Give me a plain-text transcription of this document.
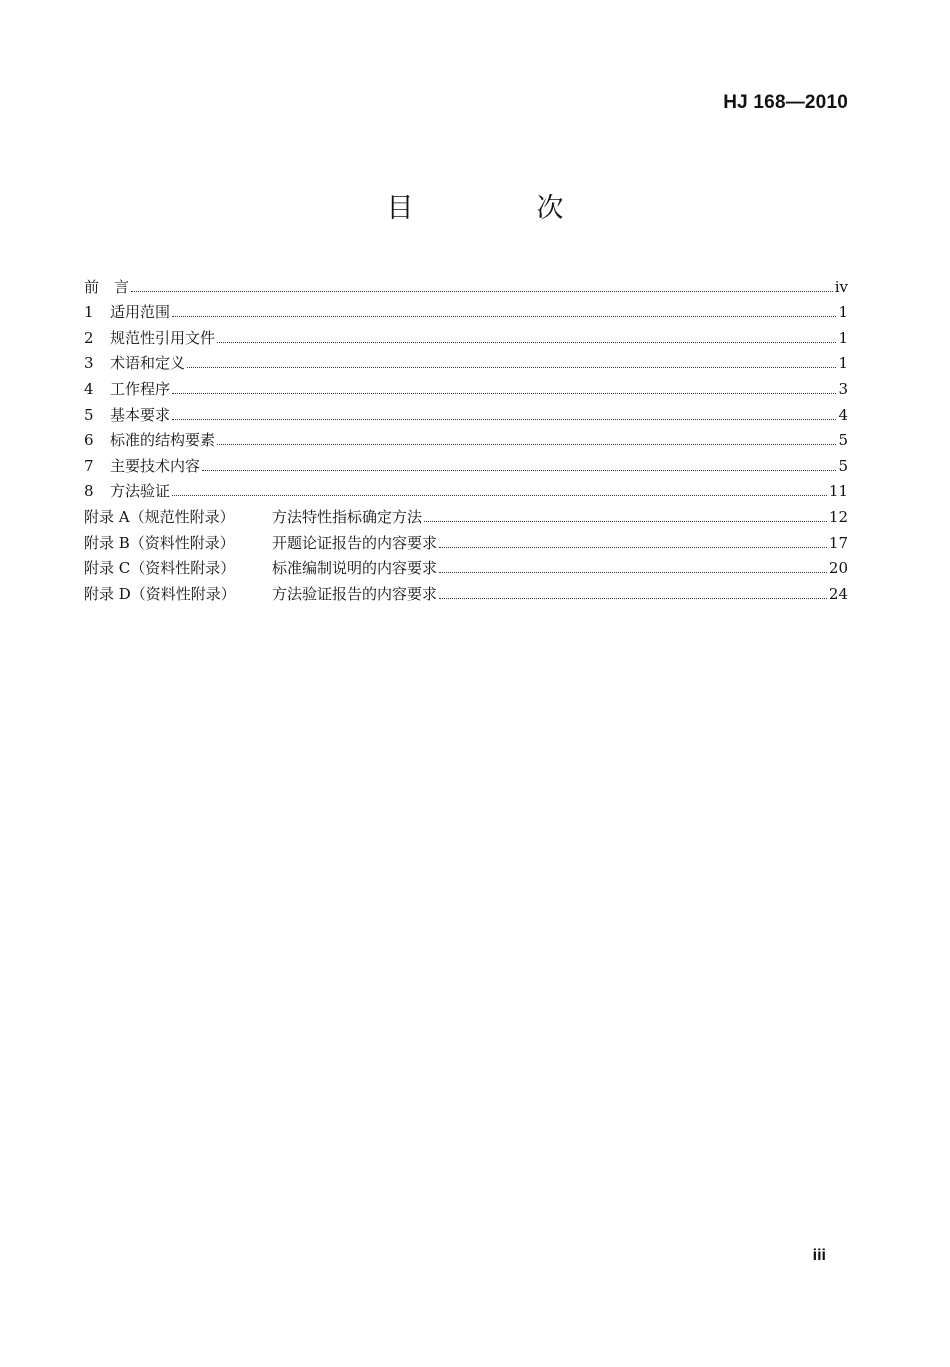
HJ 168—2010
目　次
前　言	iv
1	适用范围	1
2	规范性引用文件	1
3	术语和定义	1
4	工作程序	3
5	基本要求	4
6	标准的结构要素	5
7	主要技术内容	5
8	方法验证	11
附录 A（规范性附录）	方法特性指标确定方法	12
附录 B（资料性附录）	开题论证报告的内容要求	17
附录 C（资料性附录）	标准编制说明的内容要求	20
附录 D（资料性附录）	方法验证报告的内容要求	24
iii
